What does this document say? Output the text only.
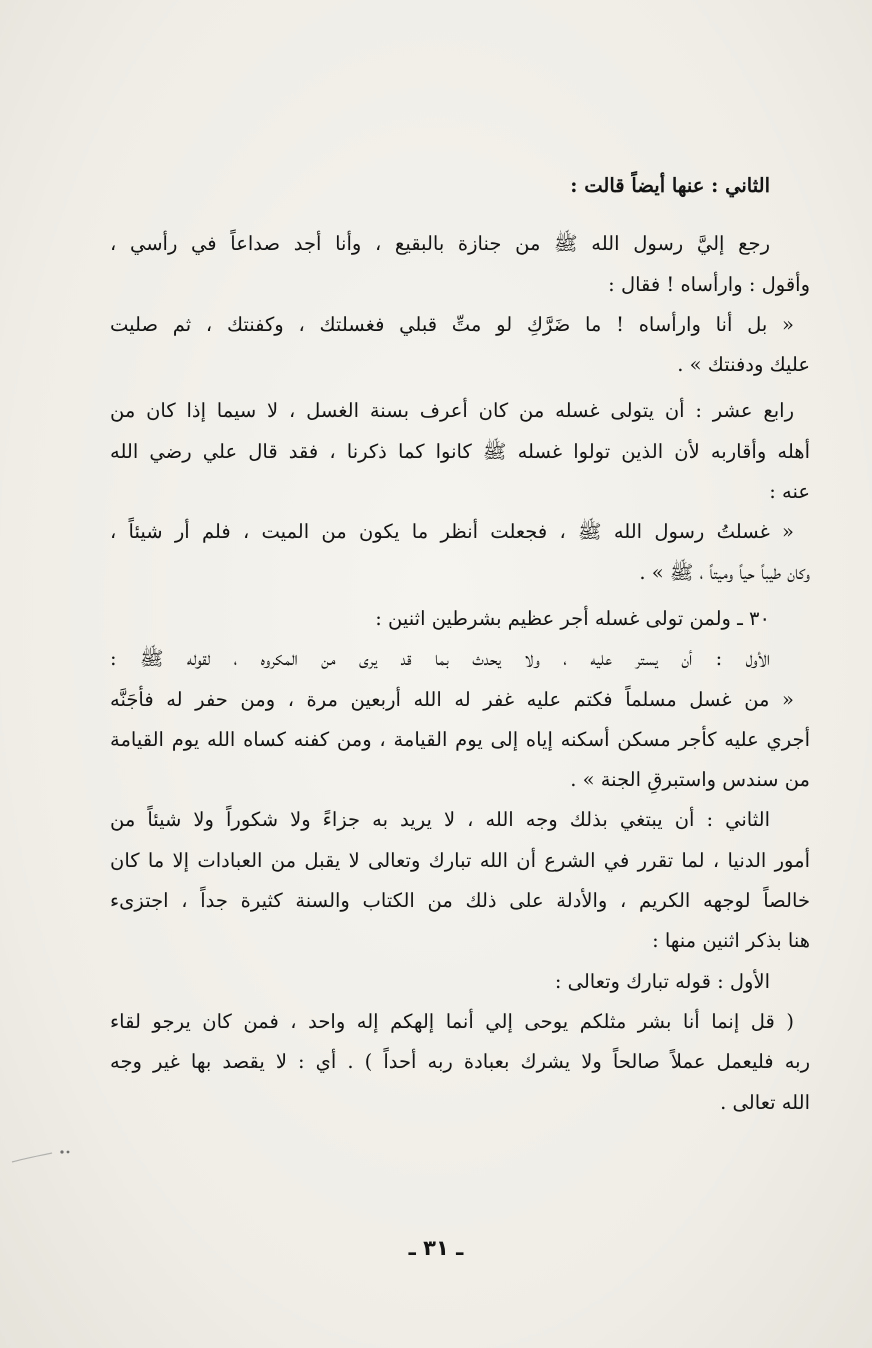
الثاني : عنها أيضاً قالت :
رجع إليَّ رسول الله ﷺ من جنازة بالبقيع ، وأنا أجد صداعاً في رأسي ،
وأقول : وارأساه ! فقال :
« بل أنا وارأساه ! ما ضَرَّكِ لو متِّ قبلي فغسلتك ، وكفنتك ، ثم صليت
عليك ودفنتك » .
رابع عشر : أن يتولى غسله من كان أعرف بسنة الغسل ، لا سيما إذا كان من
أهله وأقاربه لأن الذين تولوا غسله ﷺ كانوا كما ذكرنا ، فقد قال علي رضي الله
عنه :
« غسلتُ رسول الله ﷺ ، فجعلت أنظر ما يكون من الميت ، فلم أر شيئاً ،
وكان طيباً حياً وميتاً ، ﷺ » .
٣٠ ـ ولمن تولى غسله أجر عظيم بشرطين اثنين :
الأول : أن يستر عليه ، ولا يحدث بما قد يرى من المكروه ، لقوله ﷺ :
« من غسل مسلماً فكتم عليه غفر له الله أربعين مرة ، ومن حفر له فأجَنَّه
أجري عليه كأجر مسكن أسكنه إياه إلى يوم القيامة ، ومن كفنه كساه الله يوم القيامة
من سندس واستبرقِ الجنة » .
الثاني : أن يبتغي بذلك وجه الله ، لا يريد به جزاءً ولا شكوراً ولا شيئاً من
أمور الدنيا ، لما تقرر في الشرع أن الله تبارك وتعالى لا يقبل من العبادات إلا ما كان
خالصاً لوجهه الكريم ، والأدلة على ذلك من الكتاب والسنة كثيرة جداً ، اجتزىء
هنا بذكر اثنين منها :
الأول : قوله تبارك وتعالى :
( قل إنما أنا بشر مثلكم يوحى إلي أنما إلهكم إله واحد ، فمن كان يرجو لقاء
ربه فليعمل عملاً صالحاً ولا يشرك بعبادة ربه أحداً ) . أي : لا يقصد بها غير وجه
الله تعالى .
ـ ٣١ ـ
